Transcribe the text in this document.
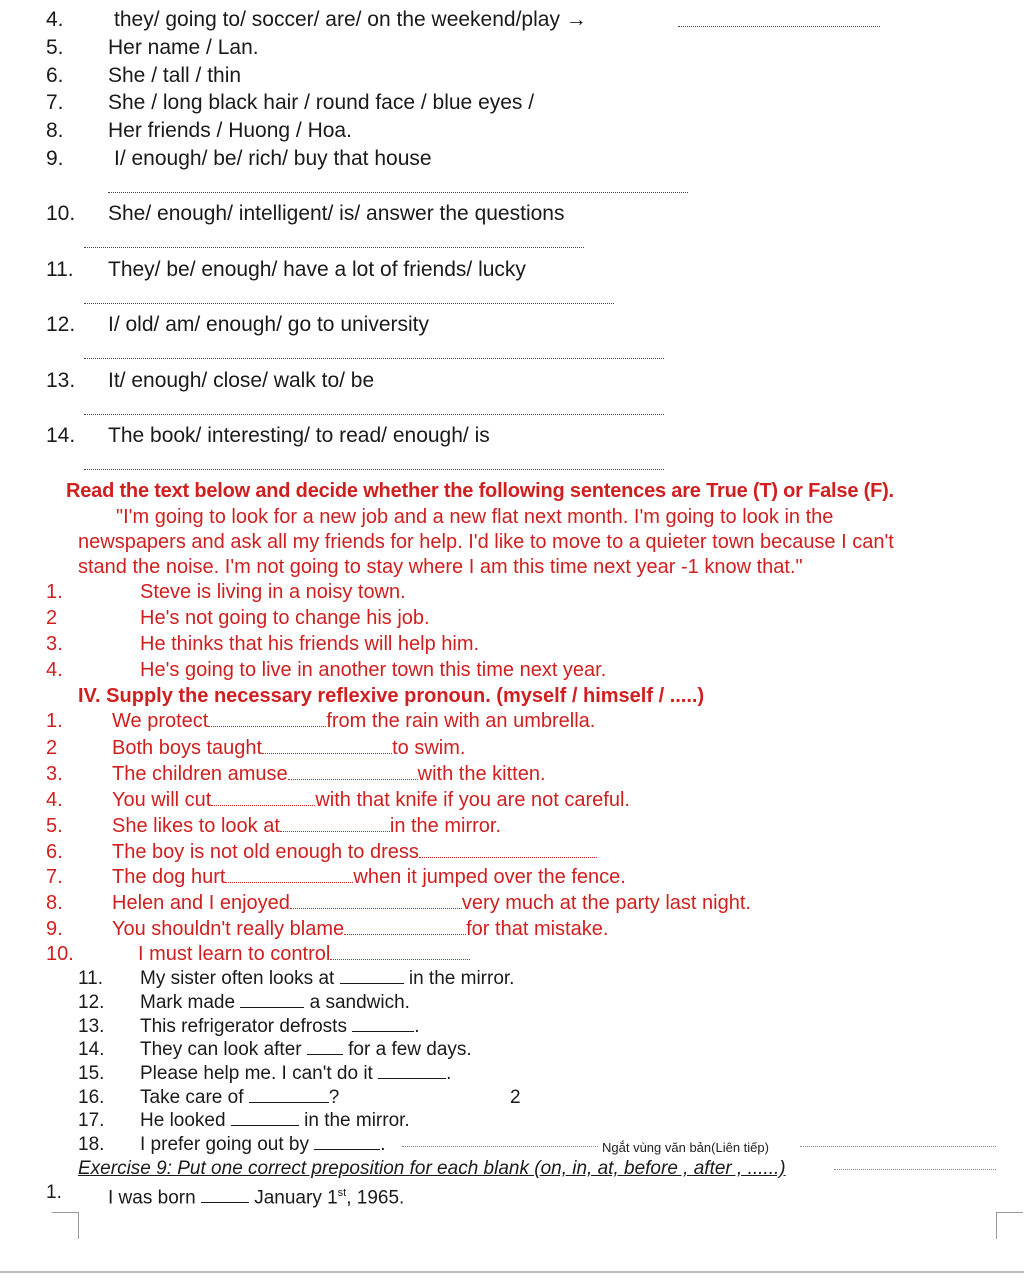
4. they/ going to/ soccer/ are/ on the weekend/play →
5. Her name / Lan.
6. She / tall / thin
7. She / long black hair / round face / blue eyes /
8. Her friends / Huong / Hoa.
9. I/ enough/ be/ rich/ buy that house
10. She/ enough/ intelligent/ is/ answer the questions
11. They/ be/ enough/ have a lot of friends/ lucky
12. I/ old/ am/ enough/ go to university
13. It/ enough/ close/ walk to/ be
14. The book/ interesting/ to read/ enough/ is
Read the text below and decide whether the following sentences are True (T) or False (F).
"I'm going to look for a new job and a new flat next month. I'm going to look in the
newspapers and ask all my friends for help. I'd like to move to a quieter town because I can't
stand the noise. I'm not going to stay where I am this time next year -1 know that."
1.	Steve is living in a noisy town.
2	He's not going to change his job.
3.	He thinks that his friends will help him.
4.	He's going to live in another town this time next year.
IV. Supply the necessary reflexive pronoun. (myself / himself / .....)
1. We protect	from the rain with an umbrella.
2	Both boys taught	to swim.
3. The children amuse	with the kitten.
4. You will cut	with that knife if you are not careful.
5. She likes to look at	in the mirror.
6. The boy is not old enough to dress
7. The dog hurt	when it jumped over the fence.
8. Helen and I enjoyed	very much at the party last night.
9. You shouldn't really blame	for that mistake.
10.	I must learn to control
11. My sister often looks at	in the mirror.
12. Mark made	a sandwich.
13. This refrigerator defrosts	.
14. They can look after for a few days.
15. Please help me. I can't do it	.
16. Take care of	?	2
17. He looked	in the mirror.
18. I prefer going out by	.	Ngắt vùng văn bản(Liên tiếp)
Exercise 9: Put one correct preposition for each blank (on, in, at, before , after , ......)
1. I was born	January 1st, 1965.
